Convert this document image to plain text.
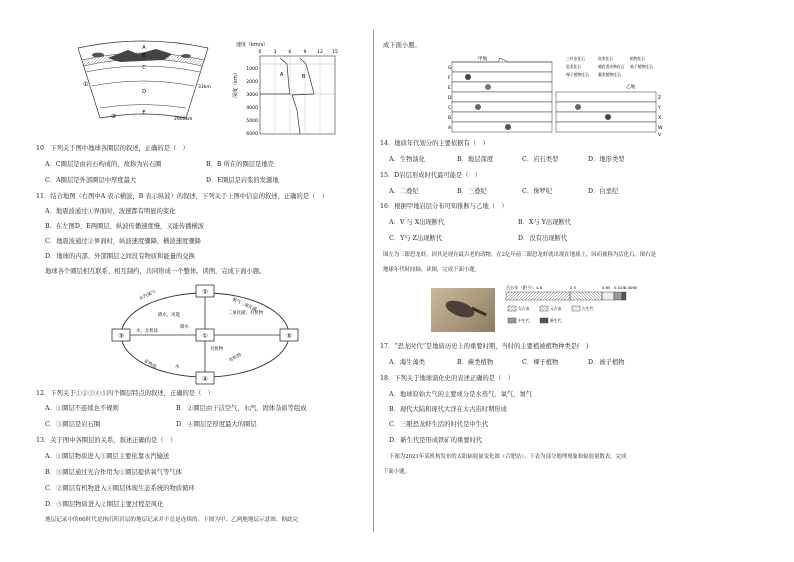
A
B
C
D
E
①
②
33km
2900km
速度（km/s）
0	3	6	9 12 15
1000
2000
3000
4000
5000
6000
深度（km）	A	B
10．下列关于图中地球各圈层的叙述，正确的是（　）
A．C圈层是由岩石构成的，故称为岩石圈	B．B 所在的圈层是地壳
C．A圈层是外部圈层中厚度最大	D．E圈层是岩浆的发源地
11．结合地图（右图中A 表示横波，B 表示纵波）的叙述，下列关于上图中信息的叙述，正确的是（　）
A．地震波通过①界面时，波速都有明显的变化
B．在左图D、E两圈层，纵波传播速度慢，又能传播横波
C．地震波通过②界面时，纵波速度骤降，横波速度骤降
D．地球的内部、外部圈层之间没有物质和能量的交换
地球各个圈层相互联系、相互制约，共同形成一个整体。读图，完成下面小题。
②
③	⑤
④
①
水汽氧气
降水，风能
氧气二氧化碳
水，无机盐
二氧化碳，有机物
矿物质
有机物
有机物
水
降水
12．下列关于①②③④⑤四个圈层特点的叙述，正确的是（　）
A．①圈层不连续也不规则	B．②圈层由干洁空气、水汽、固体杂质等组成
C．③圈层是岩石圈	D．④圈层是厚度最大的圈层
13．关于图中各圈层的关系，叙述正确的是（　）
A．①圈层物质进入③圈层主要依靠水汽输送
B．③圈层通过光合作用为①圈层提供氧气等气体
C．②圈层有机物进入④圈层体现生态系统的物质循环
D．⑤圈层物质进入②圈层主要过程是风化
地层记录中的60时代是指沉积岩层的地层记录并不总是连续的。下图为甲、乙两地地层示意图。据此完
成下面小题。
G
F
E
D
C
B
A
Z
Y
X
W
V
甲地
乙地
三叶虫化石	鱼类化石	植物化石
恐龙化石	哺乳类动物化石 被子植物化石
裸子植物化石 蕨类植物化石
14．地质年代划分的主要依据有（　）
A．生物演化	B．地层深度	C．岩石类型	D．地形类型
15．D岩层形成时代最可能是（　）
A．二叠纪	B．三叠纪	C．侏罗纪	D．白垩纪
16．根据甲地岩层分布可知推断与乙地（　）
A．V 与 X出现断代	B．X与 Y出现断代
C．Y与 Z出现断代	D．没有出现断代
图左为三眼恐龙虾，因其是现存最古老的动物，在2亿年前三眼恐龙虾就出现在地球上，因而被称为活化石。图右是
地球年代时间轴。读图，完成下面小题。
百万年（距今） 4.6	2.5	0.65 0.025 0.0065
太古宙	元古宙	古生代
中生代	新生代
17．“恐龙时代”是地质历史上的重要时期，当时的主要植被植物种类是(　)
A．海生藻类	B．蕨类植物	C．裸子植物	D．被子植物
18．下列关于地球演化史的表述正确的是（　）
A．地球原始大气的主要成分是水蒸气、氧气、氮气
B．现代大陆和现代大洋在太古宙时期形成
C．三眼恐龙虾生活的时代是中生代
D．新生代是形成铁矿的重要时代
下图为2021年某机构发布的太阳辐射量变化图（合肥站），下表为部分地理现象和辐射量数表。完成
下面小题。
